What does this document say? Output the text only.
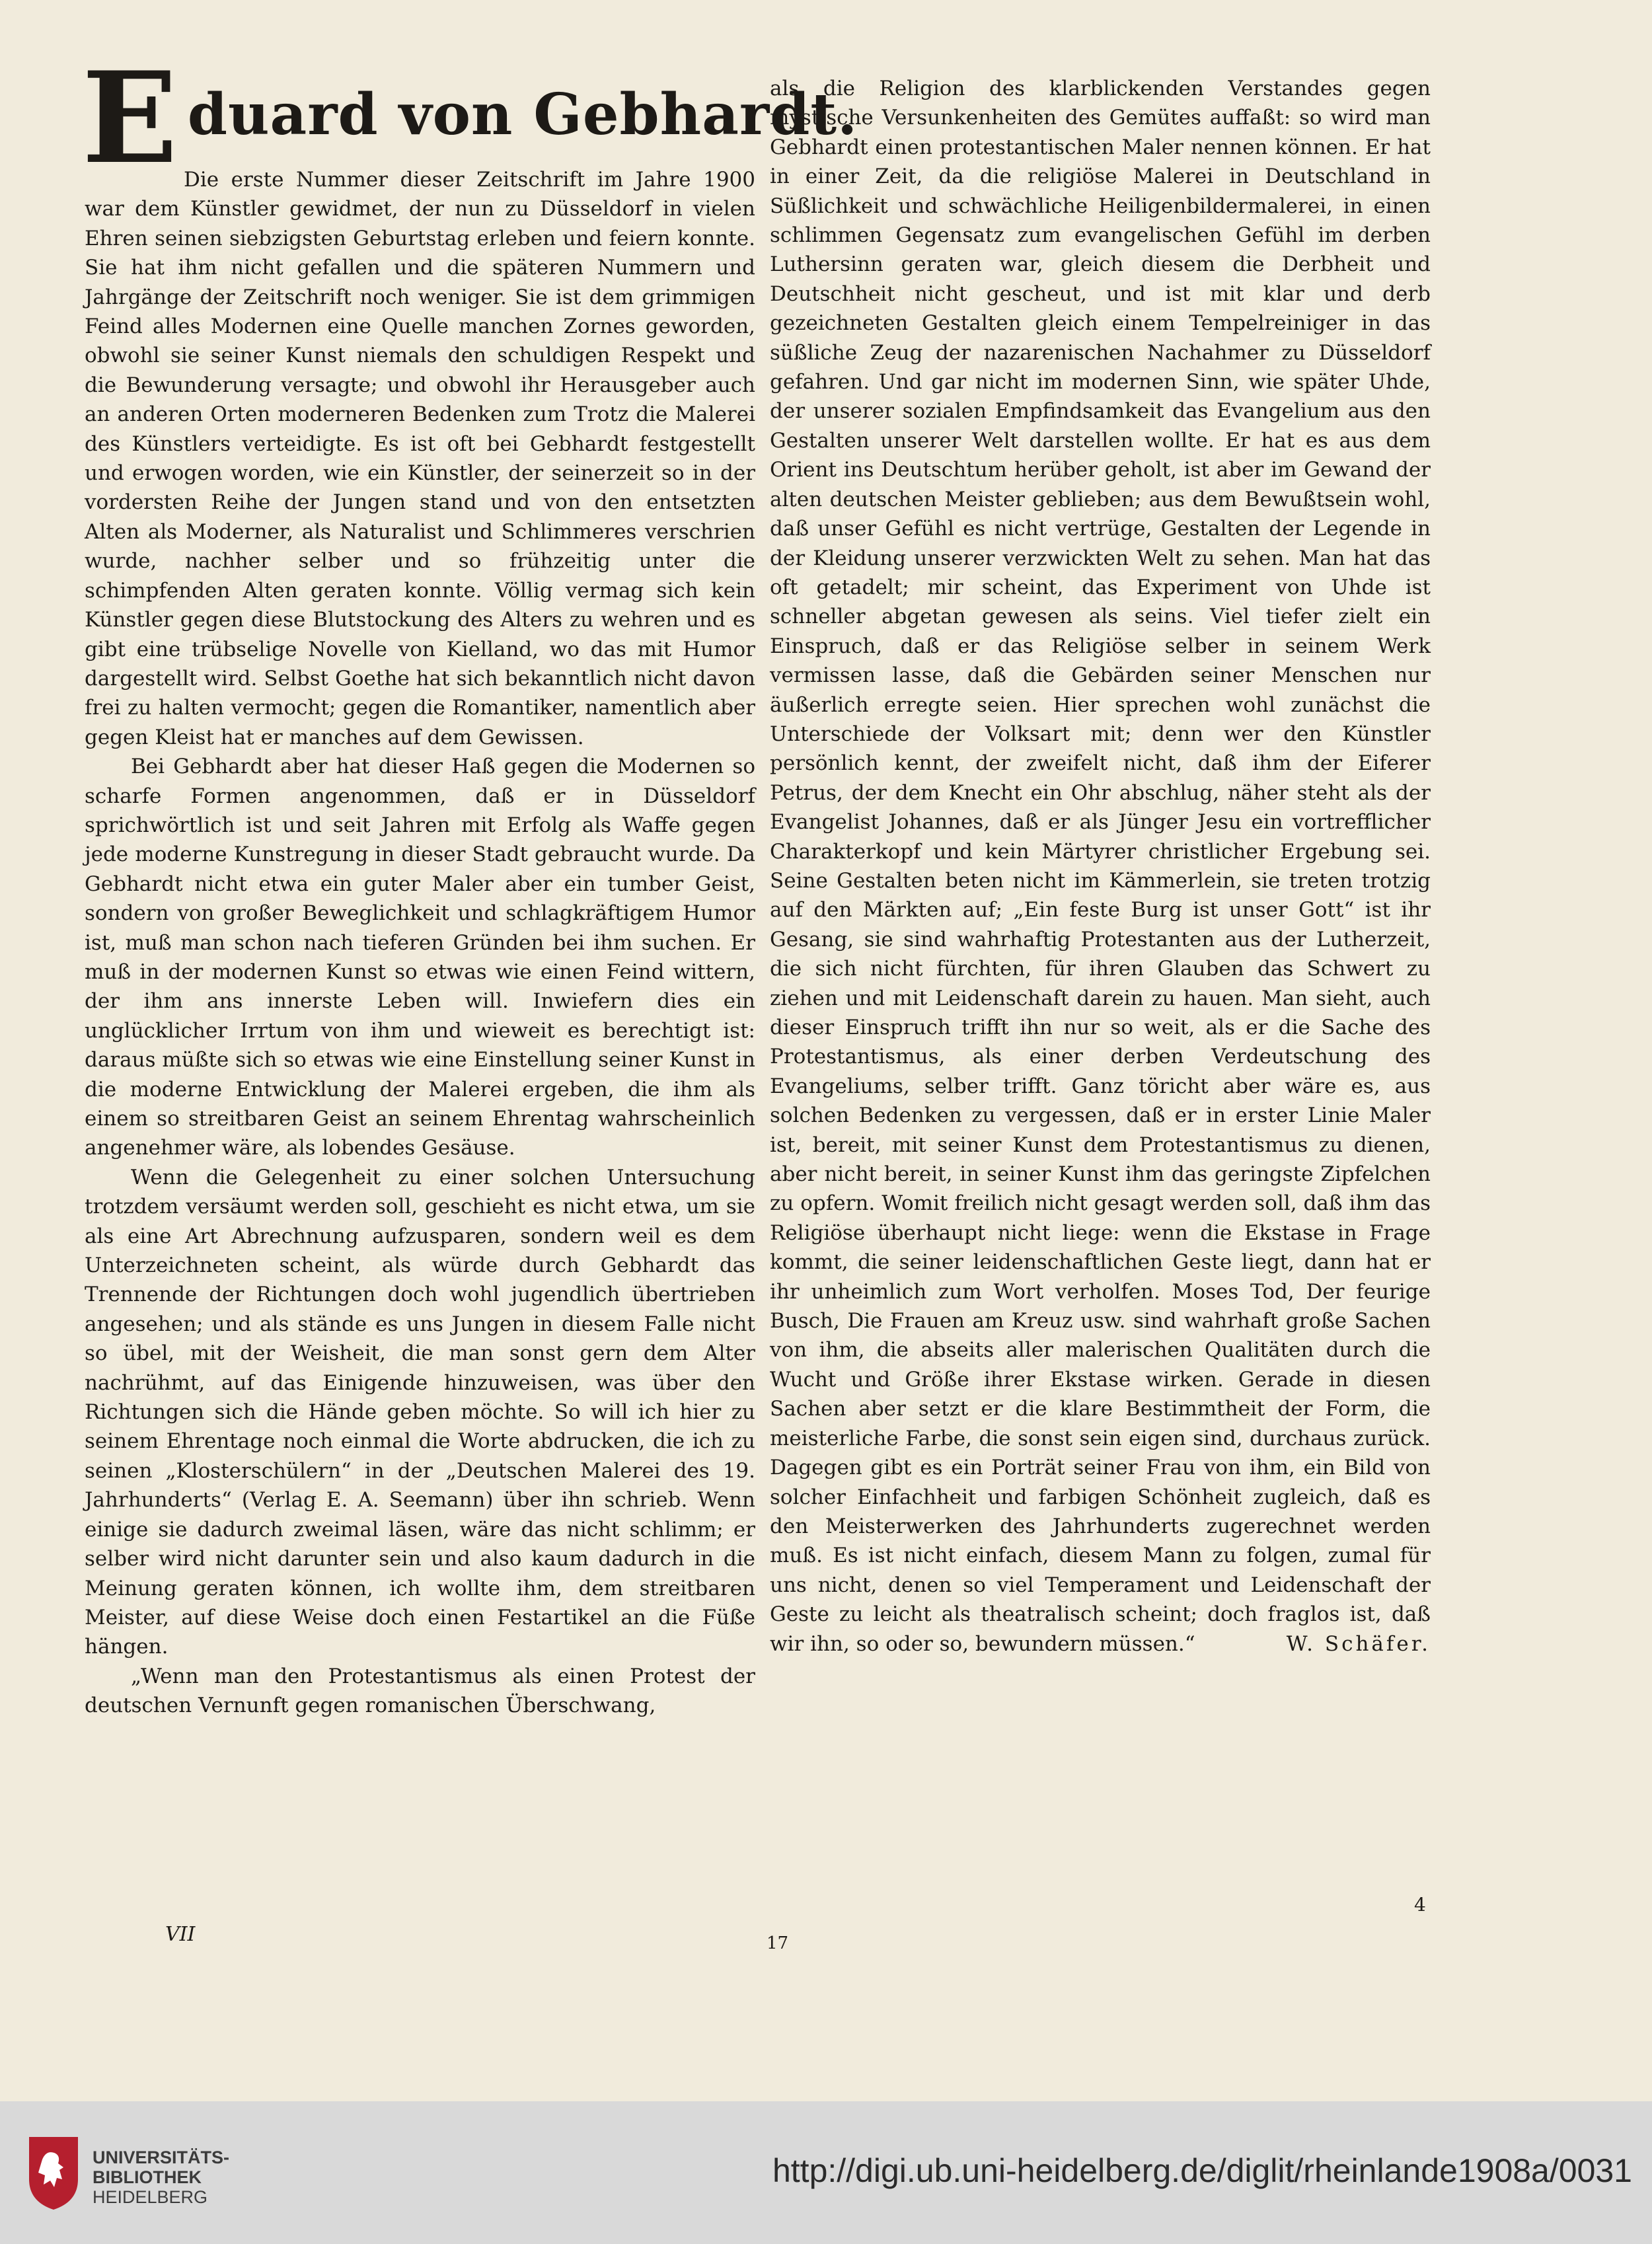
E duard von Gebhardt.

Die erste Nummer dieser Zeitschrift im Jahre 1900 war dem Künstler gewidmet, der nun zu Düsseldorf in vielen Ehren seinen siebzigsten Geburtstag erleben und feiern konnte. Sie hat ihm nicht gefallen und die späteren Nummern und Jahrgänge der Zeitschrift noch weniger. Sie ist dem grimmigen Feind alles Modernen eine Quelle manchen Zornes geworden, obwohl sie seiner Kunst niemals den schuldigen Respekt und die Bewunderung versagte; und obwohl ihr Herausgeber auch an anderen Orten moderneren Bedenken zum Trotz die Malerei des Künstlers verteidigte. Es ist oft bei Gebhardt festgestellt und erwogen worden, wie ein Künstler, der seinerzeit so in der vordersten Reihe der Jungen stand und von den entsetzten Alten als Moderner, als Naturalist und Schlimmeres verschrien wurde, nachher selber und so frühzeitig unter die schimpfenden Alten geraten konnte. Völlig vermag sich kein Künstler gegen diese Blutstockung des Alters zu wehren und es gibt eine trübselige Novelle von Kielland, wo das mit Humor dargestellt wird. Selbst Goethe hat sich bekanntlich nicht davon frei zu halten vermocht; gegen die Romantiker, namentlich aber gegen Kleist hat er manches auf dem Gewissen.

Bei Gebhardt aber hat dieser Haß gegen die Modernen so scharfe Formen angenommen, daß er in Düsseldorf sprichwörtlich ist und seit Jahren mit Erfolg als Waffe gegen jede moderne Kunstregung in dieser Stadt gebraucht wurde. Da Gebhardt nicht etwa ein guter Maler aber ein tumber Geist, sondern von großer Beweglichkeit und schlagkräftigem Humor ist, muß man schon nach tieferen Gründen bei ihm suchen. Er muß in der modernen Kunst so etwas wie einen Feind wittern, der ihm ans innerste Leben will. Inwiefern dies ein unglücklicher Irrtum von ihm und wieweit es berechtigt ist: daraus müßte sich so etwas wie eine Einstellung seiner Kunst in die moderne Entwicklung der Malerei ergeben, die ihm als einem so streitbaren Geist an seinem Ehrentag wahrscheinlich angenehmer wäre, als lobendes Gesäuse.

Wenn die Gelegenheit zu einer solchen Untersuchung trotzdem versäumt werden soll, geschieht es nicht etwa, um sie als eine Art Abrechnung aufzusparen, sondern weil es dem Unterzeichneten scheint, als würde durch Gebhardt das Trennende der Richtungen doch wohl jugendlich übertrieben angesehen; und als stände es uns Jungen in diesem Falle nicht so übel, mit der Weisheit, die man sonst gern dem Alter nachrühmt, auf das Einigende hinzuweisen, was über den Richtungen sich die Hände geben möchte. So will ich hier zu seinem Ehrentage noch einmal die Worte abdrucken, die ich zu seinen „Klosterschülern“ in der „Deutschen Malerei des 19. Jahrhunderts“ (Verlag E. A. Seemann) über ihn schrieb. Wenn einige sie dadurch zweimal läsen, wäre das nicht schlimm; er selber wird nicht darunter sein und also kaum dadurch in die Meinung geraten können, ich wollte ihm, dem streitbaren Meister, auf diese Weise doch einen Festartikel an die Füße hängen.

„Wenn man den Protestantismus als einen Protest der deutschen Vernunft gegen romanischen Überschwang,

als die Religion des klarblickenden Verstandes gegen mystische Versunkenheiten des Gemütes auffaßt: so wird man Gebhardt einen protestantischen Maler nennen können. Er hat in einer Zeit, da die religiöse Malerei in Deutschland in Süßlichkeit und schwächliche Heiligenbildermalerei, in einen schlimmen Gegensatz zum evangelischen Gefühl im derben Luthersinn geraten war, gleich diesem die Derbheit und Deutschheit nicht gescheut, und ist mit klar und derb gezeichneten Gestalten gleich einem Tempelreiniger in das süßliche Zeug der nazarenischen Nachahmer zu Düsseldorf gefahren. Und gar nicht im modernen Sinn, wie später Uhde, der unserer sozialen Empfindsamkeit das Evangelium aus den Gestalten unserer Welt darstellen wollte. Er hat es aus dem Orient ins Deutschtum herüber geholt, ist aber im Gewand der alten deutschen Meister geblieben; aus dem Bewußtsein wohl, daß unser Gefühl es nicht vertrüge, Gestalten der Legende in der Kleidung unserer verzwickten Welt zu sehen. Man hat das oft getadelt; mir scheint, das Experiment von Uhde ist schneller abgetan gewesen als seins. Viel tiefer zielt ein Einspruch, daß er das Religiöse selber in seinem Werk vermissen lasse, daß die Gebärden seiner Menschen nur äußerlich erregte seien. Hier sprechen wohl zunächst die Unterschiede der Volksart mit; denn wer den Künstler persönlich kennt, der zweifelt nicht, daß ihm der Eiferer Petrus, der dem Knecht ein Ohr abschlug, näher steht als der Evangelist Johannes, daß er als Jünger Jesu ein vortrefflicher Charakterkopf und kein Märtyrer christlicher Ergebung sei. Seine Gestalten beten nicht im Kämmerlein, sie treten trotzig auf den Märkten auf; „Ein feste Burg ist unser Gott“ ist ihr Gesang, sie sind wahrhaftig Protestanten aus der Lutherzeit, die sich nicht fürchten, für ihren Glauben das Schwert zu ziehen und mit Leidenschaft darein zu hauen. Man sieht, auch dieser Einspruch trifft ihn nur so weit, als er die Sache des Protestantismus, als einer derben Verdeutschung des Evangeliums, selber trifft. Ganz töricht aber wäre es, aus solchen Bedenken zu vergessen, daß er in erster Linie Maler ist, bereit, mit seiner Kunst dem Protestantismus zu dienen, aber nicht bereit, in seiner Kunst ihm das geringste Zipfelchen zu opfern. Womit freilich nicht gesagt werden soll, daß ihm das Religiöse überhaupt nicht liege: wenn die Ekstase in Frage kommt, die seiner leidenschaftlichen Geste liegt, dann hat er ihr unheimlich zum Wort verholfen. Moses Tod, Der feurige Busch, Die Frauen am Kreuz usw. sind wahrhaft große Sachen von ihm, die abseits aller malerischen Qualitäten durch die Wucht und Größe ihrer Ekstase wirken. Gerade in diesen Sachen aber setzt er die klare Bestimmtheit der Form, die meisterliche Farbe, die sonst sein eigen sind, durchaus zurück. Dagegen gibt es ein Porträt seiner Frau von ihm, ein Bild von solcher Einfachheit und farbigen Schönheit zugleich, daß es den Meisterwerken des Jahrhunderts zugerechnet werden muß. Es ist nicht einfach, diesem Mann zu folgen, zumal für uns nicht, denen so viel Temperament und Leidenschaft der Geste zu leicht als theatralisch scheint; doch fraglos ist, daß wir ihn, so oder so, bewundern müssen.“	W. Schäfer.

VII	17
4
UNIVERSITÄTS-
BIBLIOTHEK
HEIDELBERG
http://digi.ub.uni-heidelberg.de/diglit/rheinlande1908a/0031
